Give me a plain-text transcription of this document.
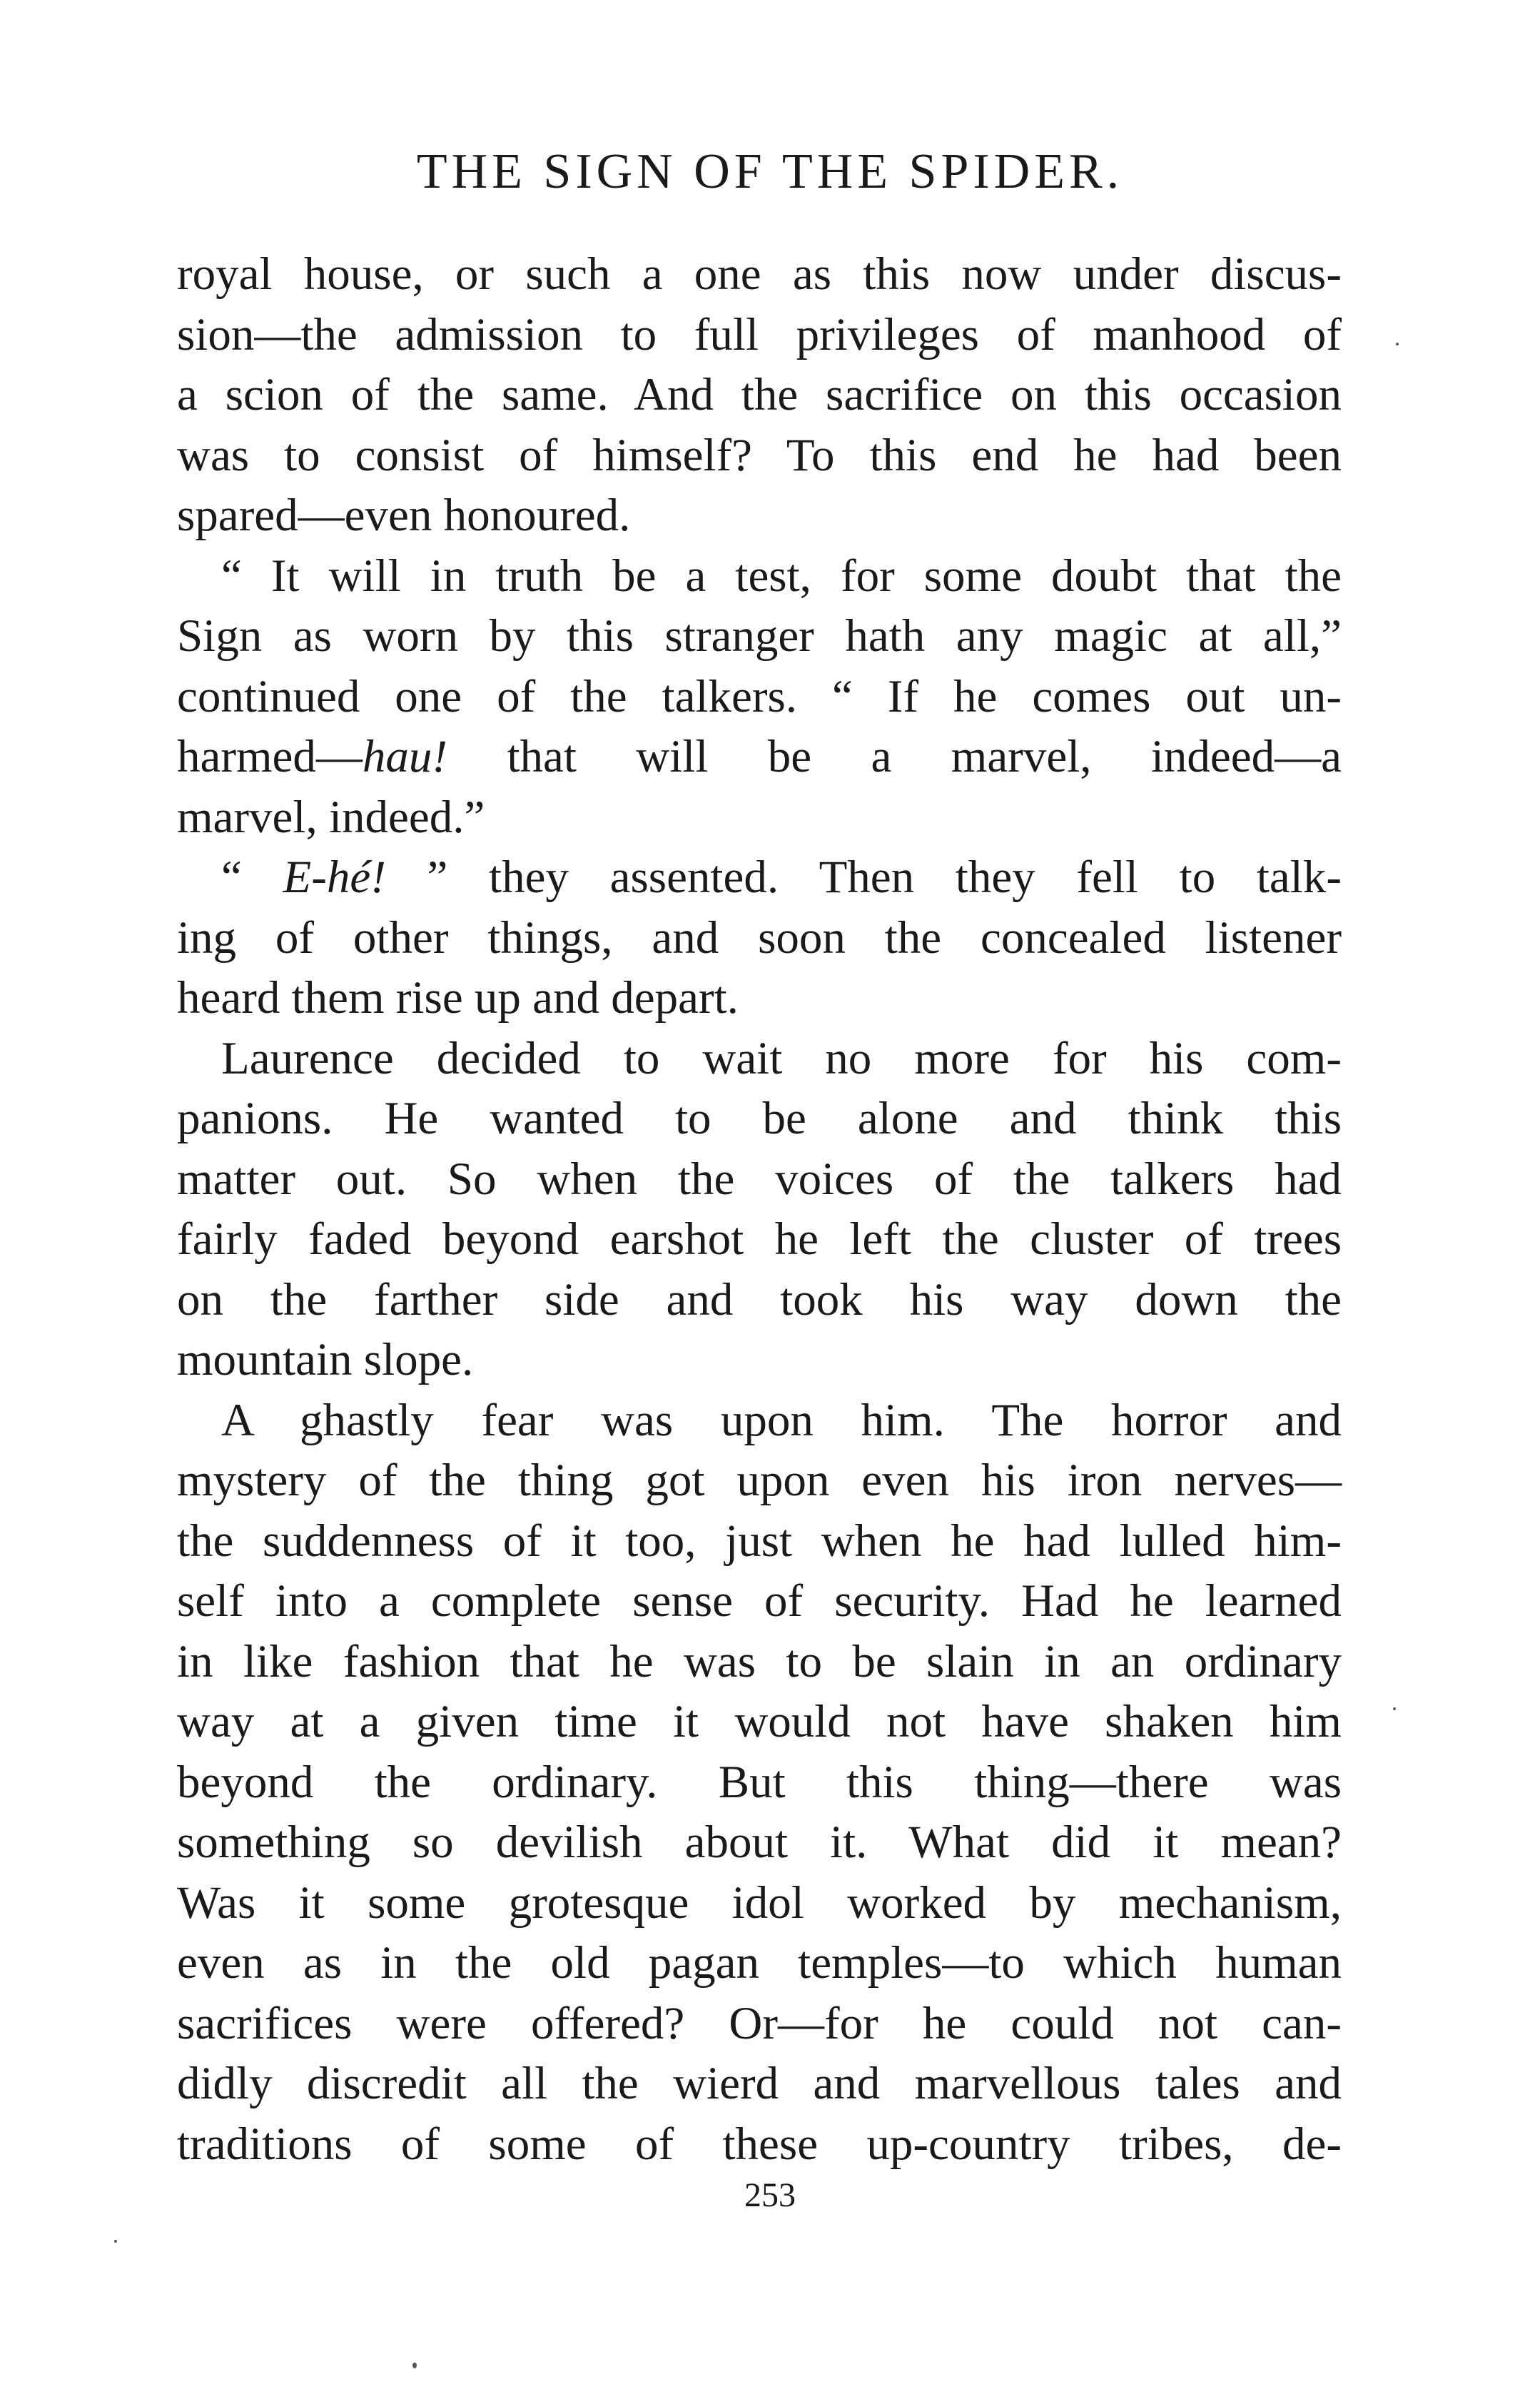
THE SIGN OF THE SPIDER.
royal house, or such a one as this now under discus-
sion—the admission to full privileges of manhood of
a scion of the same. And the sacrifice on this occasion
was to consist of himself? To this end he had been
spared—even honoured.
“ It will in truth be a test, for some doubt that the
Sign as worn by this stranger hath any magic at all,”
continued one of the talkers. “ If he comes out un-
harmed—hau! that will be a marvel, indeed—a
marvel, indeed.”
“ E-hé! ” they assented. Then they fell to talk-
ing of other things, and soon the concealed listener
heard them rise up and depart.
Laurence decided to wait no more for his com-
panions. He wanted to be alone and think this
matter out. So when the voices of the talkers had
fairly faded beyond earshot he left the cluster of trees
on the farther side and took his way down the
mountain slope.
A ghastly fear was upon him. The horror and
mystery of the thing got upon even his iron nerves—
the suddenness of it too, just when he had lulled him-
self into a complete sense of security. Had he learned
in like fashion that he was to be slain in an ordinary
way at a given time it would not have shaken him
beyond the ordinary. But this thing—there was
something so devilish about it. What did it mean?
Was it some grotesque idol worked by mechanism,
even as in the old pagan temples—to which human
sacrifices were offered? Or—for he could not can-
didly discredit all the wierd and marvellous tales and
traditions of some of these up-country tribes, de-
253
